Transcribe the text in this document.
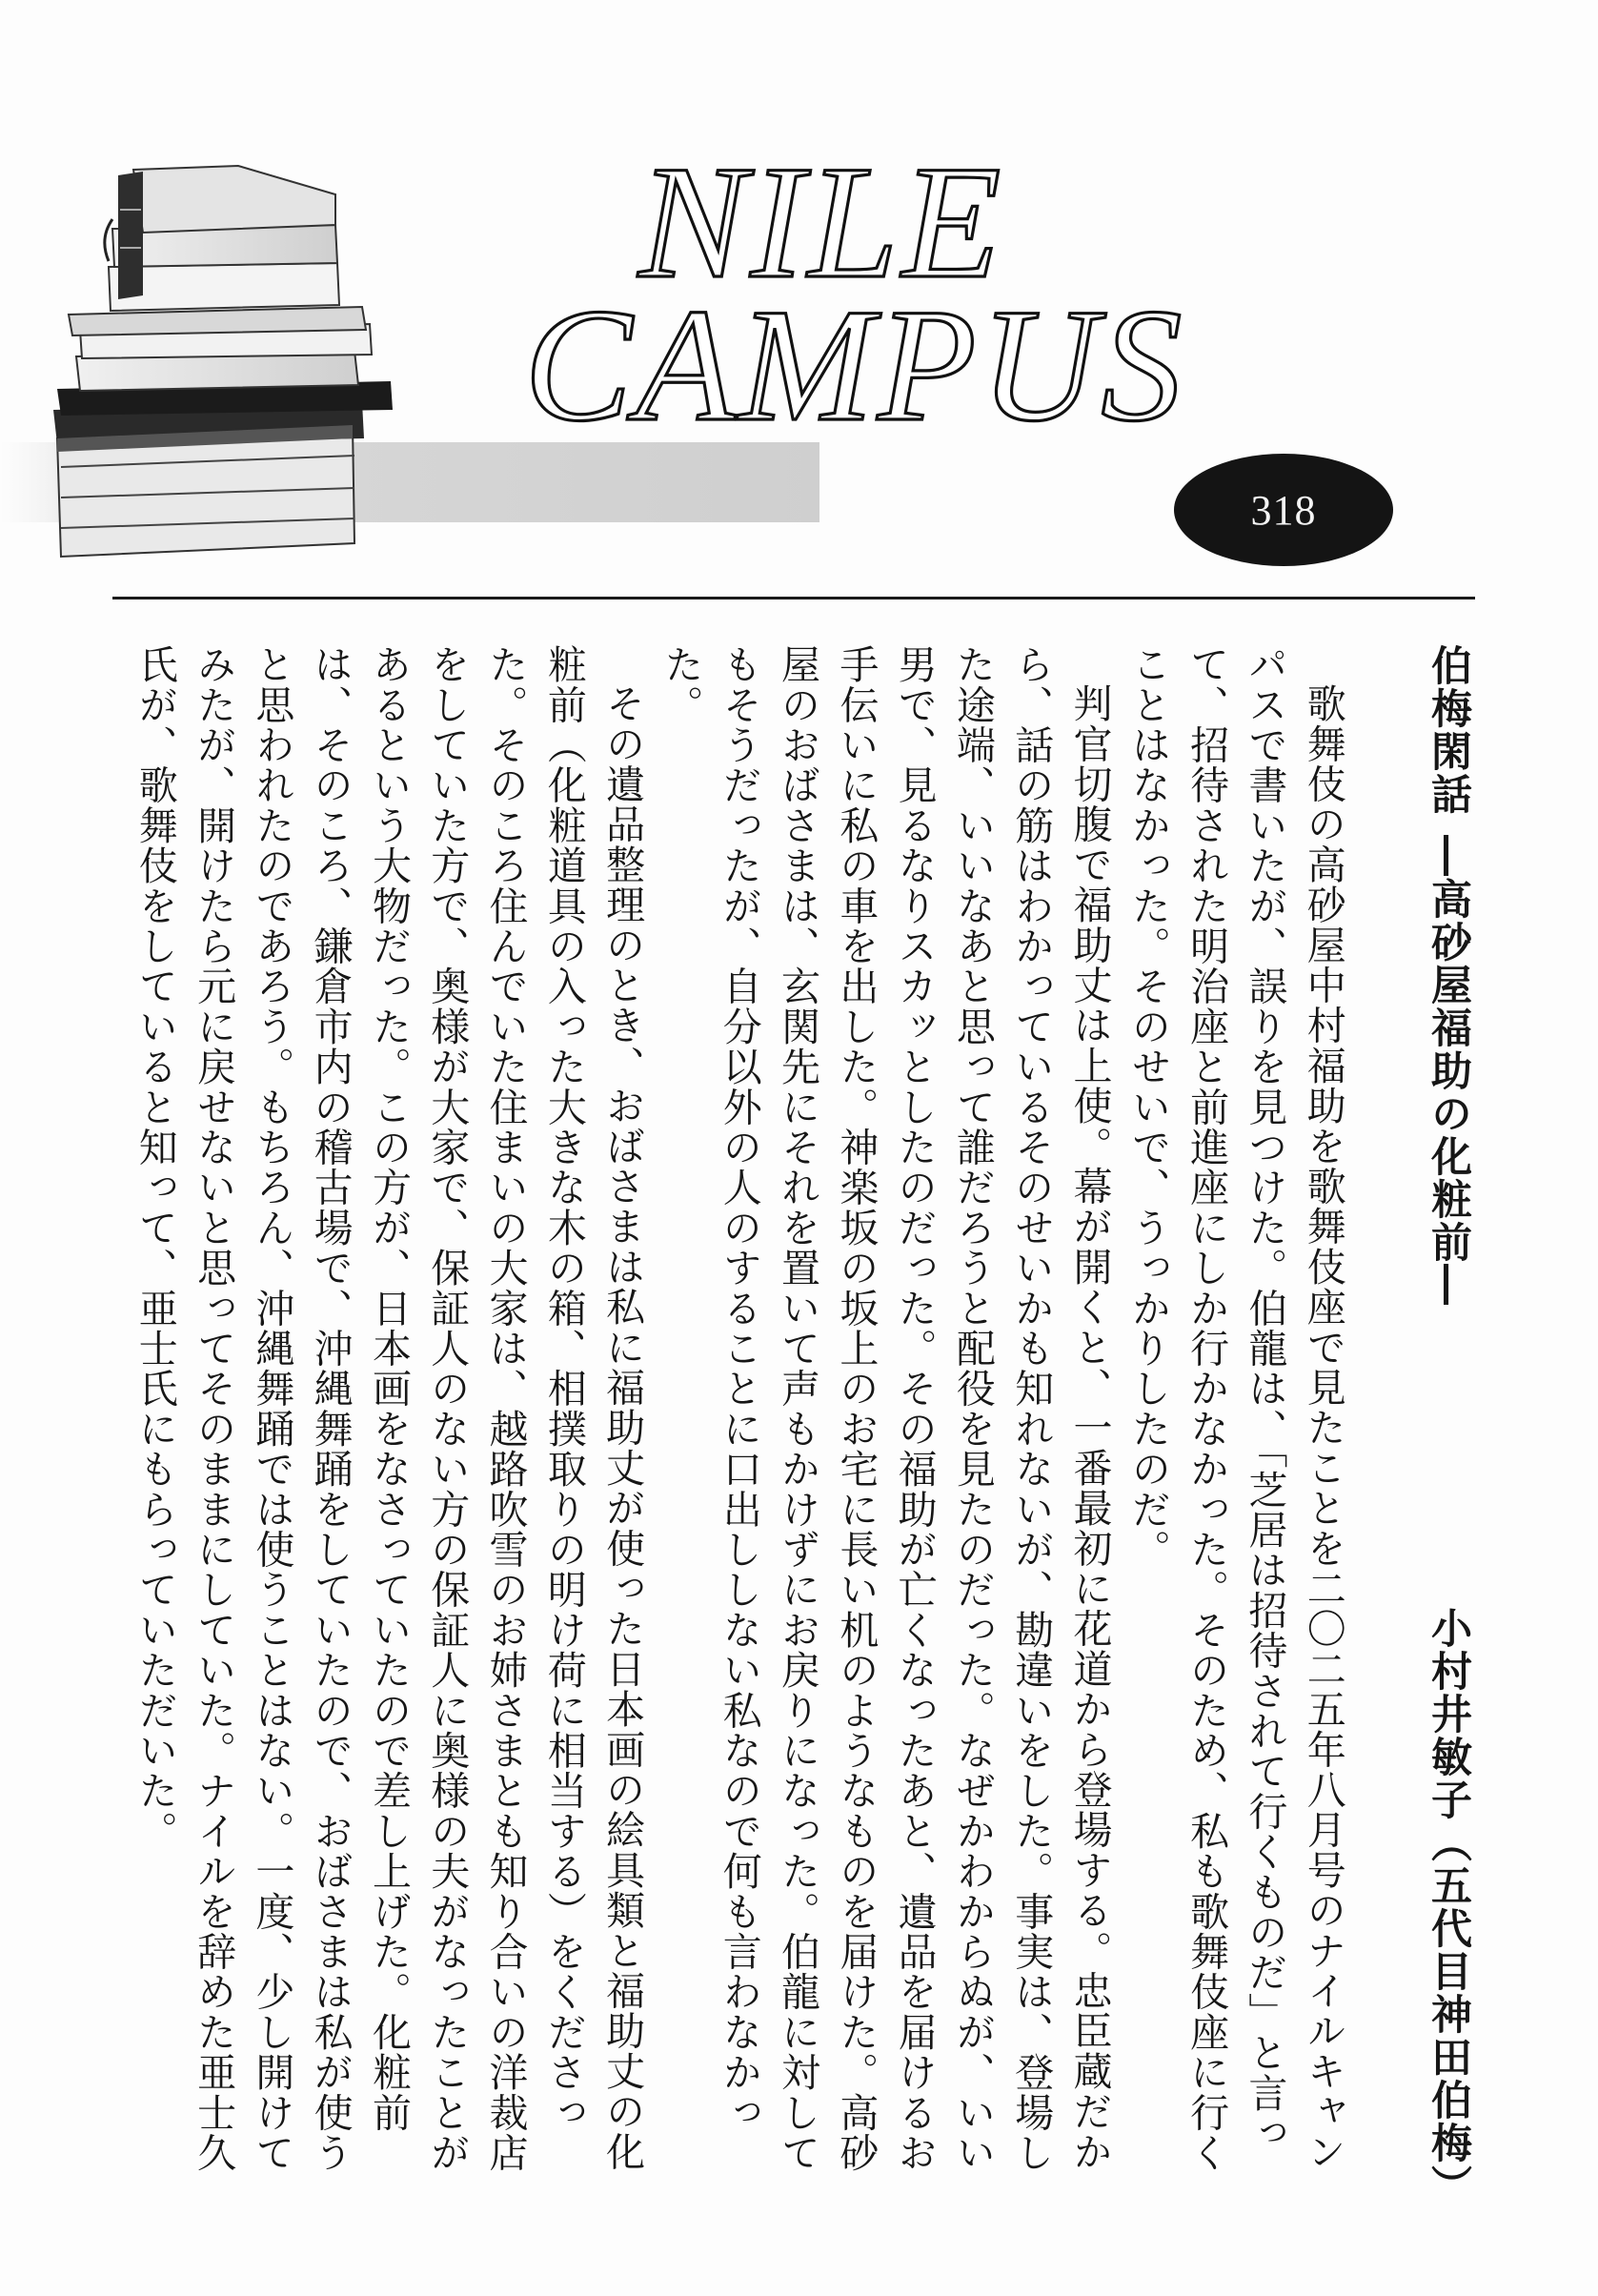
NILE
CAMPUS
318
伯梅閑話―高砂屋福助の化粧前―
小村井敏子（五代目神田伯梅）

歌舞伎の高砂屋中村福助を歌舞伎座で見たことを二〇二五年八月号のナイルキャンパスで書いたが、誤りを見つけた。伯龍は、「芝居は招待されて行くものだ」と言って、招待された明治座と前進座にしか行かなかった。そのため、私も歌舞伎座に行くことはなかった。そのせいで、うっかりしたのだ。

判官切腹で福助丈は上使。幕が開くと、一番最初に花道から登場する。忠臣蔵だから、話の筋はわかっているそのせいかも知れないが、勘違いをした。事実は、登場した途端、いいなあと思って誰だろうと配役を見たのだった。なぜかわからぬが、いい男で、見るなりスカッとしたのだった。その福助が亡くなったあと、遺品を届けるお手伝いに私の車を出した。神楽坂の坂上のお宅に長い机のようなものを届けた。高砂屋のおばさまは、玄関先にそれを置いて声もかけずにお戻りになった。伯龍に対してもそうだったが、自分以外の人のすることに口出ししない私なので何も言わなかった。

その遺品整理のとき、おばさまは私に福助丈が使った日本画の絵具類と福助丈の化粧前（化粧道具の入った大きな木の箱、相撲取りの明け荷に相当する）をくださった。そのころ住んでいた住まいの大家は、越路吹雪のお姉さまとも知り合いの洋裁店をしていた方で、奥様が大家で、保証人のない方の保証人に奥様の夫がなったことがあるという大物だった。この方が、日本画をなさっていたので差し上げた。化粧前は、そのころ、鎌倉市内の稽古場で、沖縄舞踊をしていたので、おばさまは私が使うと思われたのであろう。もちろん、沖縄舞踊では使うことはない。一度、少し開けてみたが、開けたら元に戻せないと思ってそのままにしていた。ナイルを辞めた亜士久氏が、歌舞伎をしていると知って、亜士氏にもらっていただいた。
